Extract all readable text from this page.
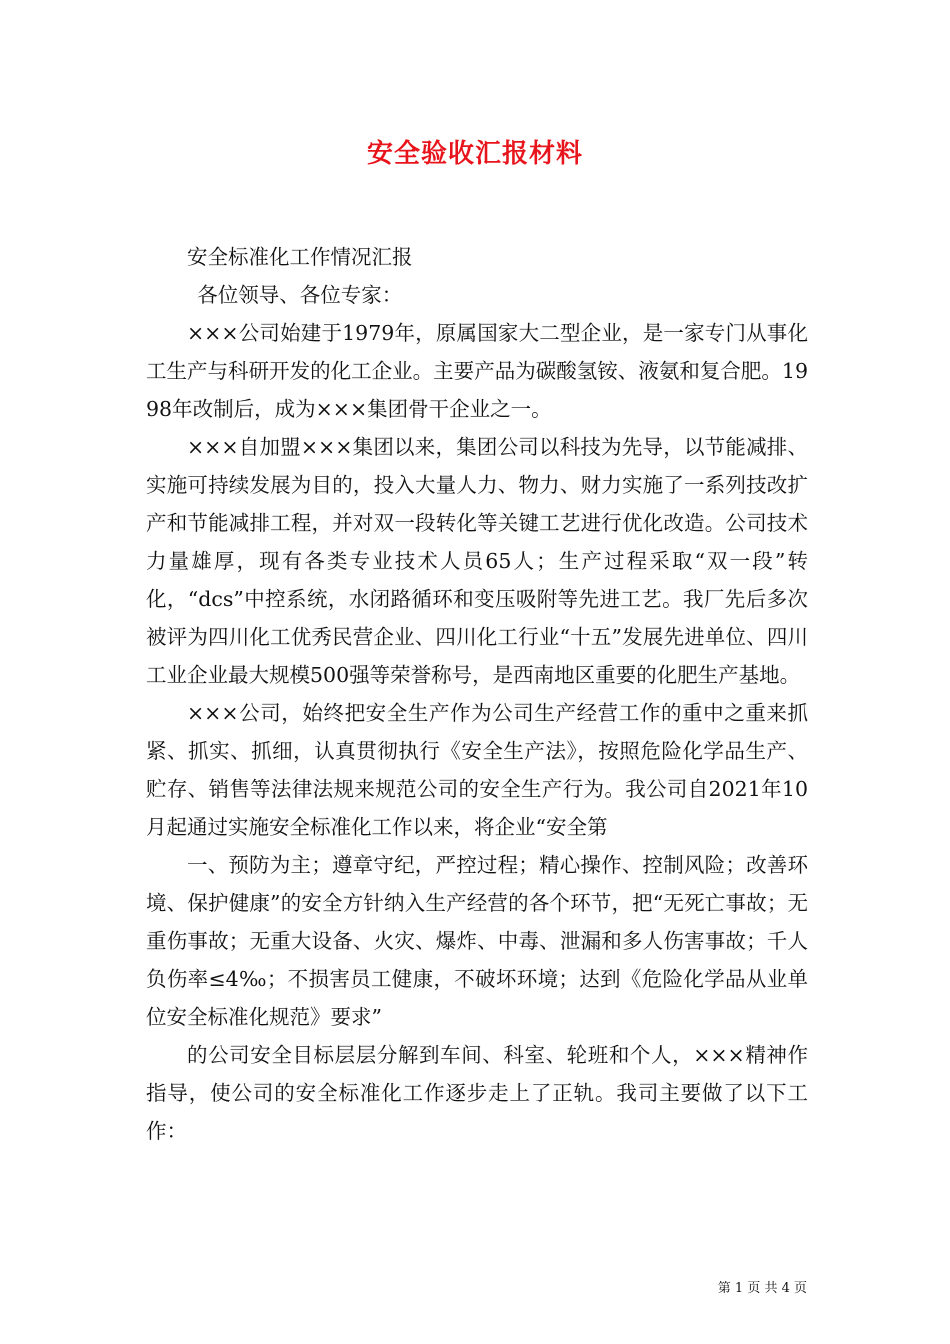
安全验收汇报材料

安全标准化工作情况汇报

各位领导、各位专家：

×××公司始建于1979年，原属国家大二型企业，是一家专门从事化工生产与科研开发的化工企业。主要产品为碳酸氢铵、液氨和复合肥。1998年改制后，成为×××集团骨干企业之一。

×××自加盟×××集团以来，集团公司以科技为先导，以节能减排、实施可持续发展为目的，投入大量人力、物力、财力实施了一系列技改扩产和节能减排工程，并对双一段转化等关键工艺进行优化改造。公司技术力量雄厚，现有各类专业技术人员65人；生产过程采取“双一段”转化，“dcs”中控系统，水闭路循环和变压吸附等先进工艺。我厂先后多次被评为四川化工优秀民营企业、四川化工行业“十五”发展先进单位、四川工业企业最大规模500强等荣誉称号，是西南地区重要的化肥生产基地。

×××公司，始终把安全生产作为公司生产经营工作的重中之重来抓紧、抓实、抓细，认真贯彻执行《安全生产法》，按照危险化学品生产、贮存、销售等法律法规来规范公司的安全生产行为。我公司自2021年10月起通过实施安全标准化工作以来，将企业“安全第

一、预防为主；遵章守纪，严控过程；精心操作、控制风险；改善环境、保护健康”的安全方针纳入生产经营的各个环节，把“无死亡事故；无重伤事故；无重大设备、火灾、爆炸、中毒、泄漏和多人伤害事故；千人负伤率≤4‰；不损害员工健康，不破坏环境；达到《危险化学品从业单位安全标准化规范》要求”

的公司安全目标层层分解到车间、科室、轮班和个人，×××精神作指导，使公司的安全标准化工作逐步走上了正轨。我司主要做了以下工作：

第 1 页 共 4 页
